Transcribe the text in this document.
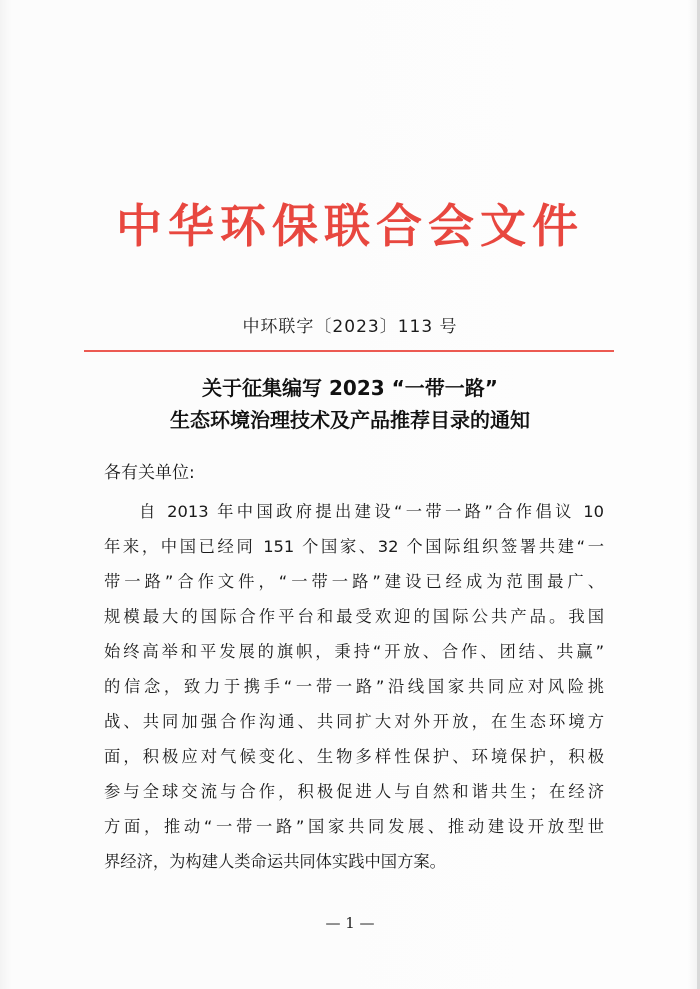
中华环保联合会文件
中环联字〔2023〕113 号
关于征集编写 2023 “一带一路”
生态环境治理技术及产品推荐目录的通知
各有关单位:
自 2013 年中国政府提出建设“一带一路”合作倡议 10
年来，中国已经同 151 个国家、32 个国际组织签署共建“一
带一路”合作文件，“一带一路”建设已经成为范围最广、
规模最大的国际合作平台和最受欢迎的国际公共产品。我国
始终高举和平发展的旗帜，秉持“开放、合作、团结、共赢”
的信念，致力于携手“一带一路”沿线国家共同应对风险挑
战、共同加强合作沟通、共同扩大对外开放，在生态环境方
面，积极应对气候变化、生物多样性保护、环境保护，积极
参与全球交流与合作，积极促进人与自然和谐共生；在经济
方面，推动“一带一路”国家共同发展、推动建设开放型世
界经济，为构建人类命运共同体实践中国方案。
— 1 —
